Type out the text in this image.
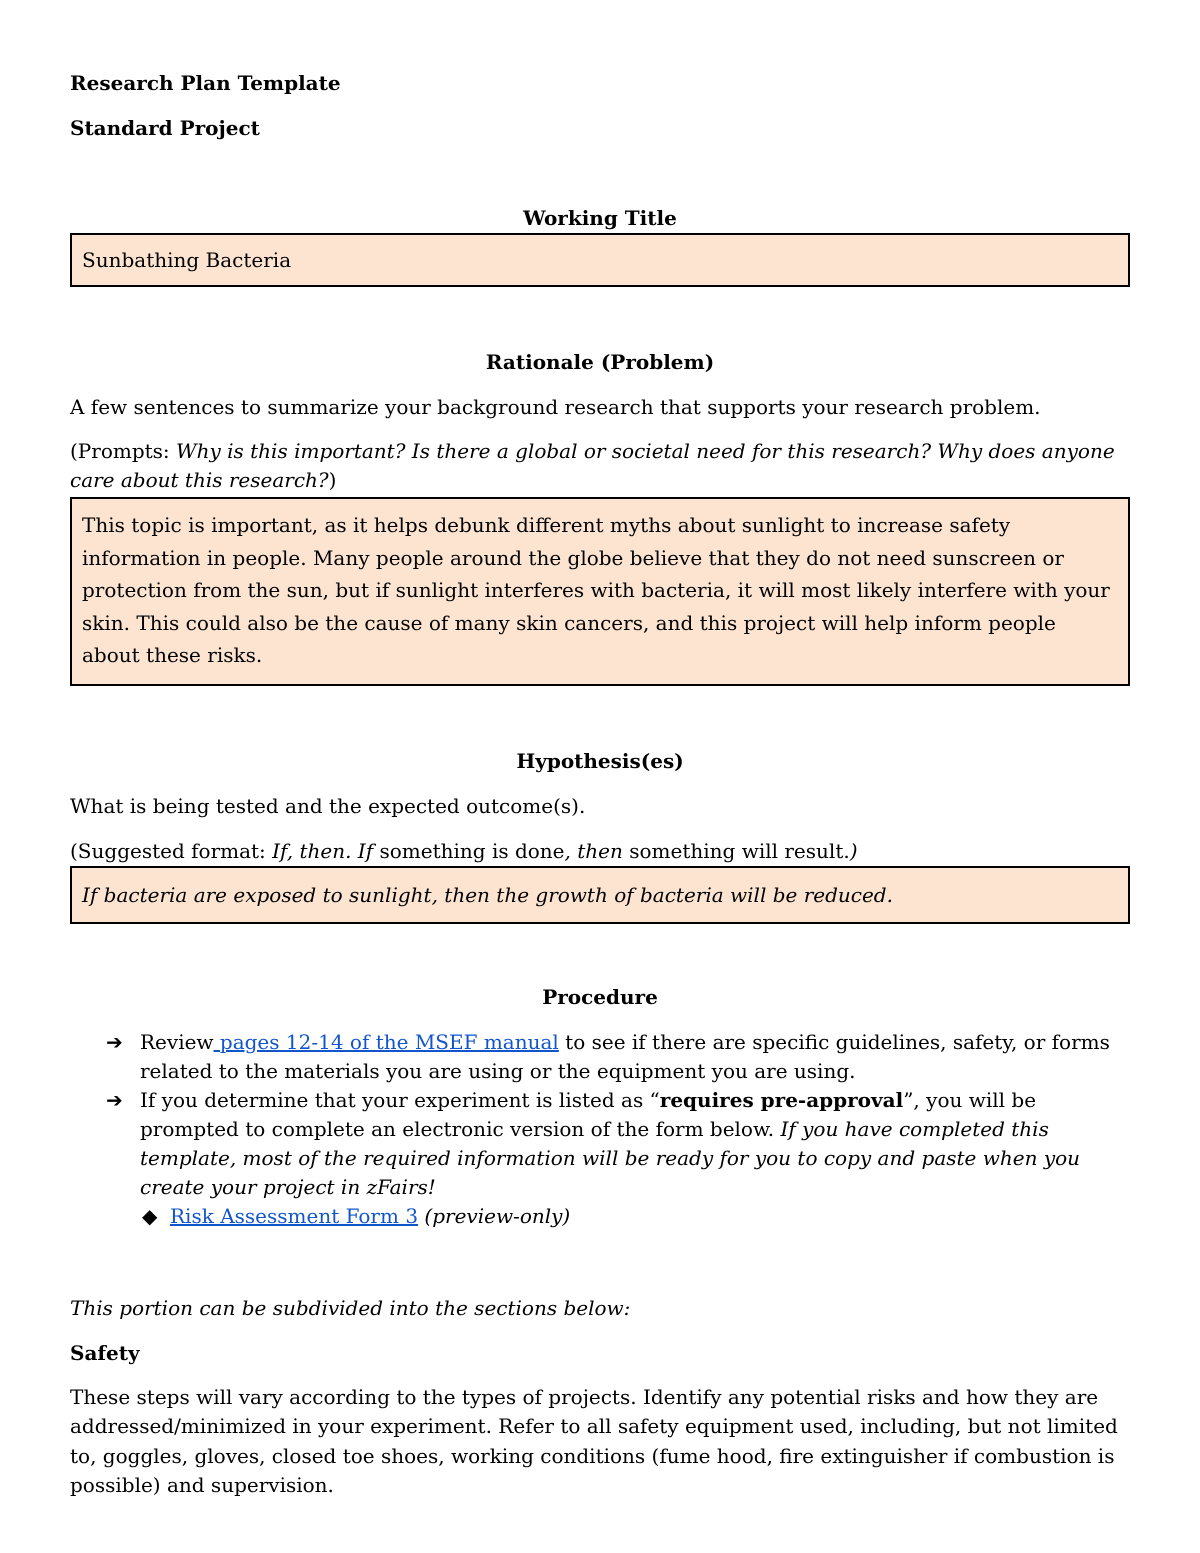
Research Plan Template

Standard Project

Working Title

Sunbathing Bacteria

Rationale (Problem)

A few sentences to summarize your background research that supports your research problem.

(Prompts: Why is this important? Is there a global or societal need for this research? Why does anyone care about this research?)

This topic is important, as it helps debunk different myths about sunlight to increase safety information in people. Many people around the globe believe that they do not need sunscreen or protection from the sun, but if sunlight interferes with bacteria, it will most likely interfere with your skin. This could also be the cause of many skin cancers, and this project will help inform people about these risks.

Hypothesis(es)

What is being tested and the expected outcome(s).

(Suggested format: If, then. If something is done, then something will result.)

If bacteria are exposed to sunlight, then the growth of bacteria will be reduced.

Procedure

➔ Review pages 12-14 of the MSEF manual to see if there are specific guidelines, safety, or forms related to the materials you are using or the equipment you are using.
➔ If you determine that your experiment is listed as “requires pre-approval”, you will be prompted to complete an electronic version of the form below. If you have completed this template, most of the required information will be ready for you to copy and paste when you create your project in zFairs!
◆ Risk Assessment Form 3 (preview-only)

This portion can be subdivided into the sections below:

Safety

These steps will vary according to the types of projects. Identify any potential risks and how they are addressed/minimized in your experiment. Refer to all safety equipment used, including, but not limited to, goggles, gloves, closed toe shoes, working conditions (fume hood, fire extinguisher if combustion is possible) and supervision.
